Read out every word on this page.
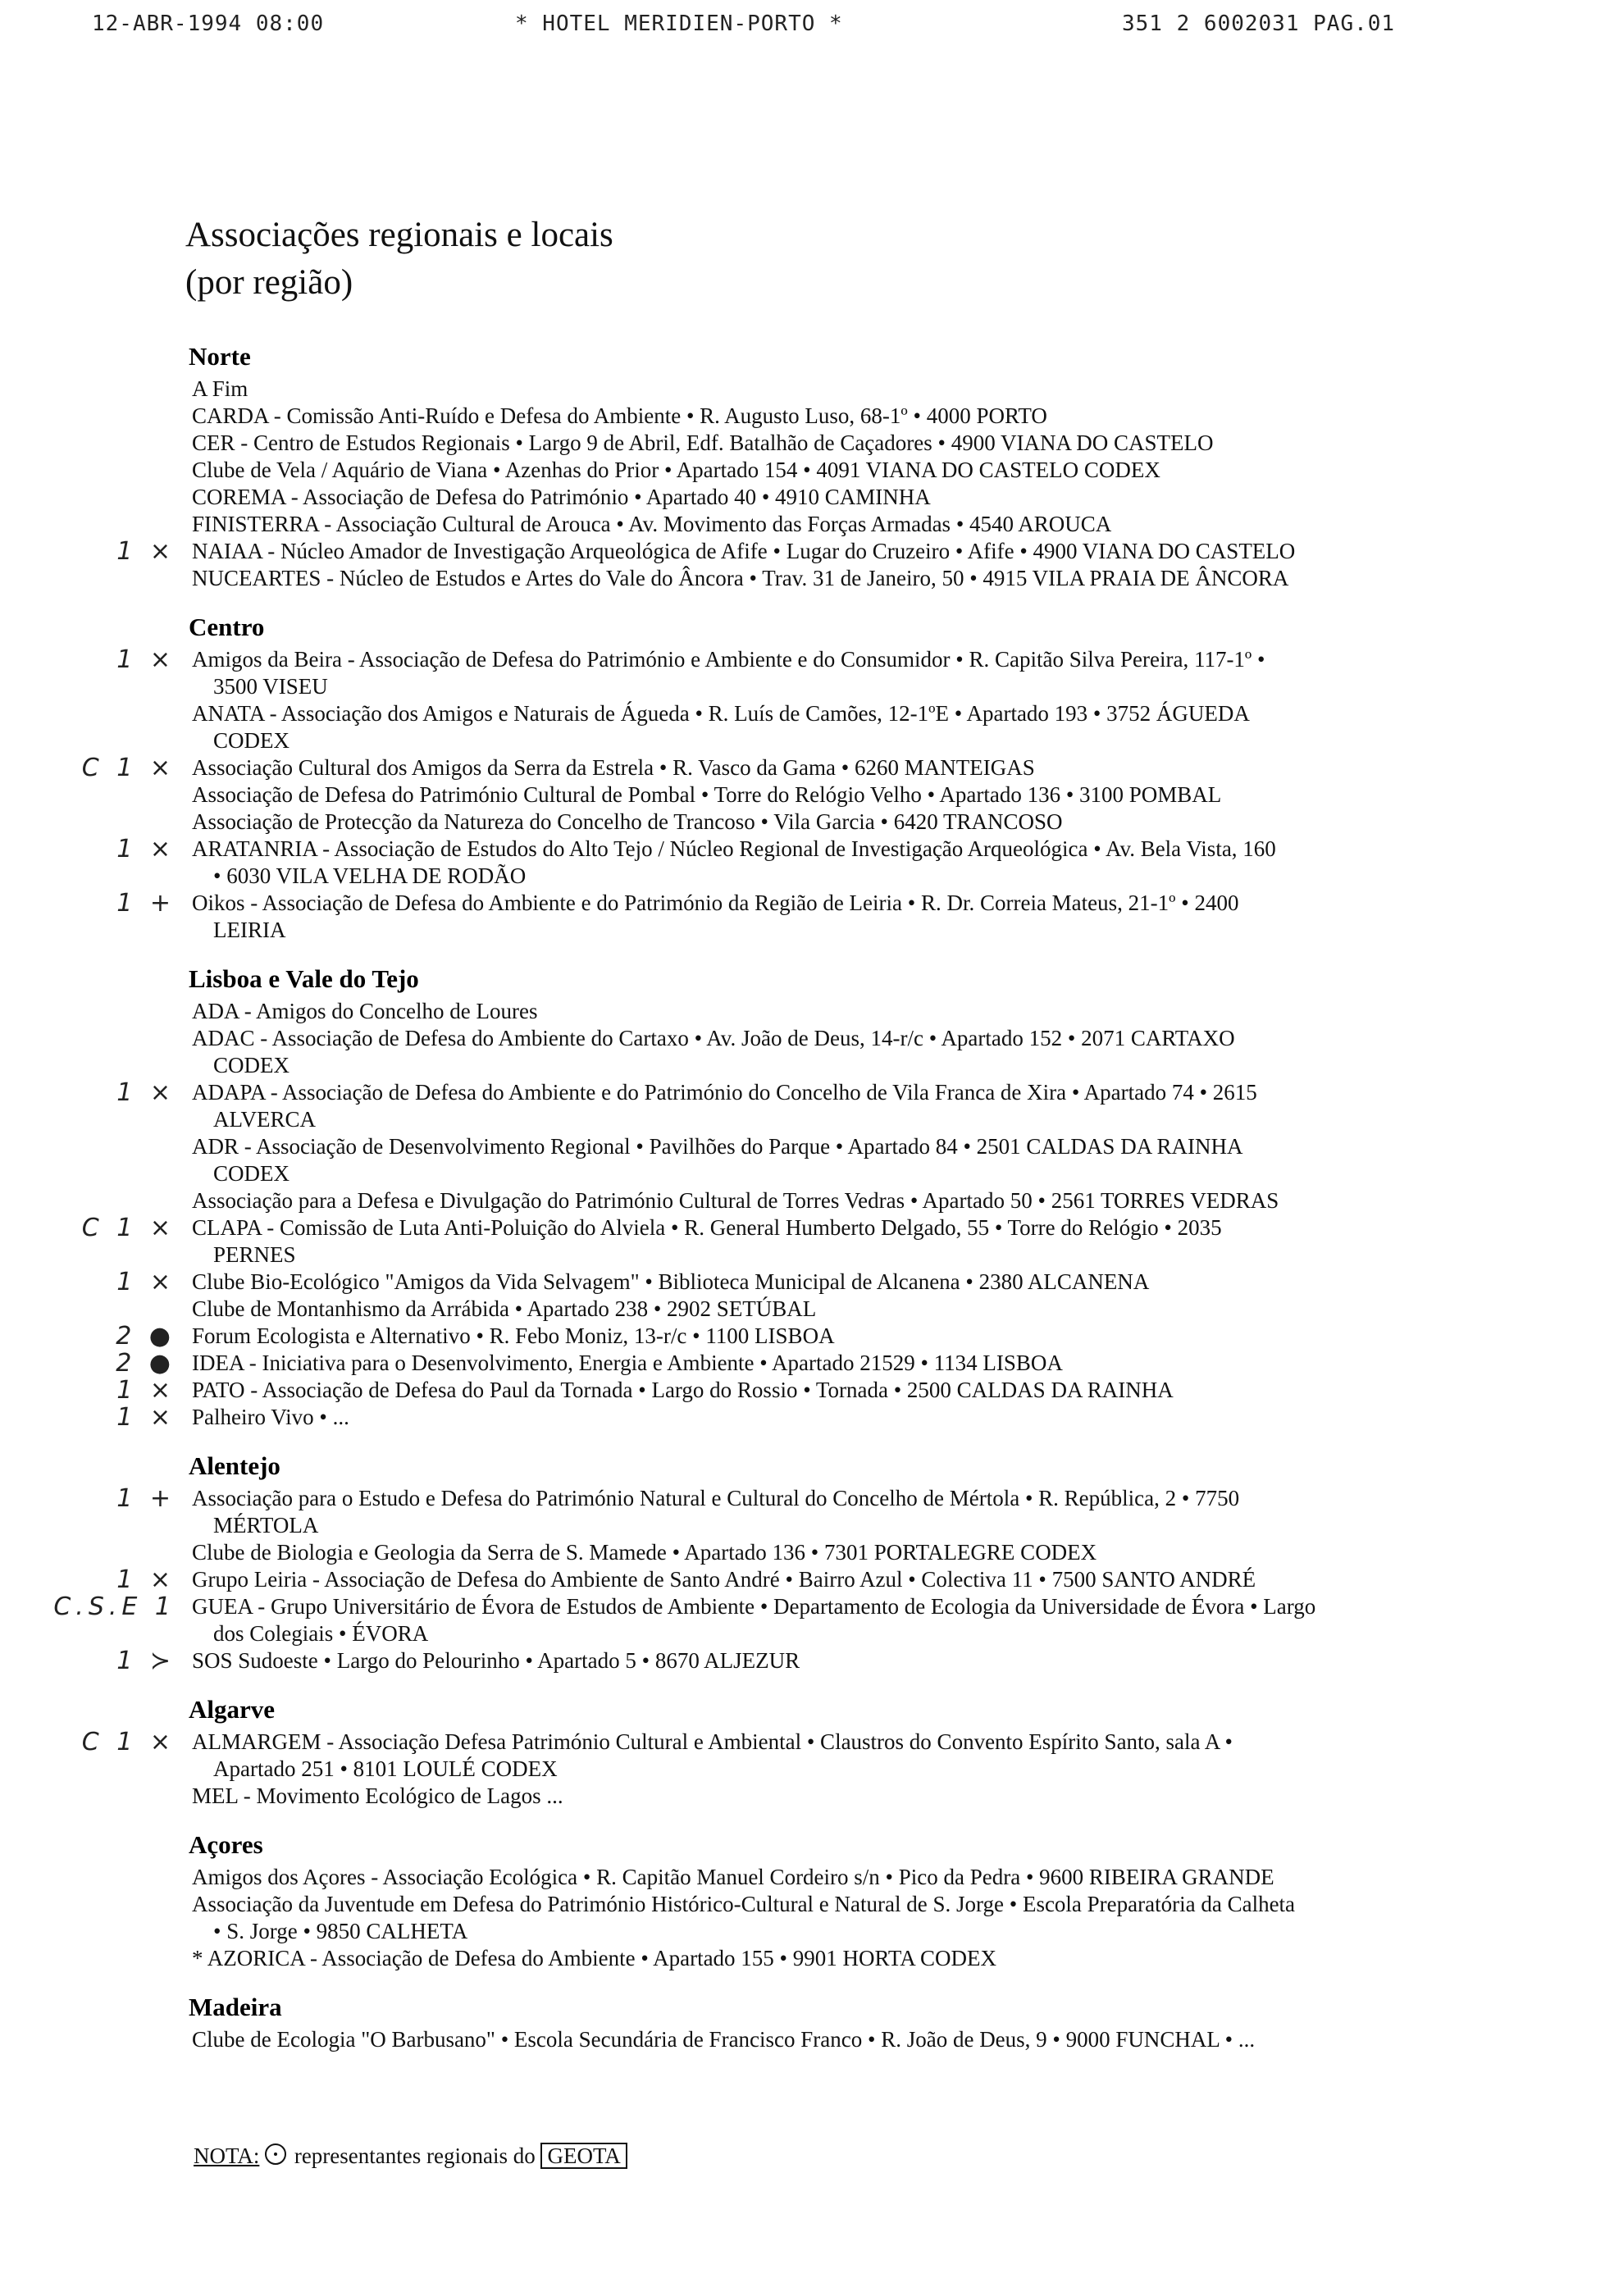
12-ABR-1994 08:00	* HOTEL MERIDIEN-PORTO *	351 2 6002031 PAG.01
Associações regionais e locais
(por região)
Norte
A Fim
CARDA - Comissão Anti-Ruído e Defesa do Ambiente • R. Augusto Luso, 68-1º • 4000 PORTO
CER - Centro de Estudos Regionais • Largo 9 de Abril, Edf. Batalhão de Caçadores • 4900 VIANA DO CASTELO
Clube de Vela / Aquário de Viana • Azenhas do Prior • Apartado 154 • 4091 VIANA DO CASTELO CODEX
COREMA - Associação de Defesa do Património • Apartado 40 • 4910 CAMINHA
FINISTERRA - Associação Cultural de Arouca • Av. Movimento das Forças Armadas • 4540 AROUCA
1 × NAIAA - Núcleo Amador de Investigação Arqueológica de Afife • Lugar do Cruzeiro • Afife • 4900 VIANA DO CASTELO
NUCEARTES - Núcleo de Estudos e Artes do Vale do Âncora • Trav. 31 de Janeiro, 50 • 4915 VILA PRAIA DE ÂNCORA
Centro
1 × Amigos da Beira - Associação de Defesa do Património e Ambiente e do Consumidor • R. Capitão Silva Pereira, 117-1º •
3500 VISEU
ANATA - Associação dos Amigos e Naturais de Águeda • R. Luís de Camões, 12-1ºE • Apartado 193 • 3752 ÁGUEDA
CODEX
C 1 × Associação Cultural dos Amigos da Serra da Estrela • R. Vasco da Gama • 6260 MANTEIGAS
Associação de Defesa do Património Cultural de Pombal • Torre do Relógio Velho • Apartado 136 • 3100 POMBAL
Associação de Protecção da Natureza do Concelho de Trancoso • Vila Garcia • 6420 TRANCOSO
1 × ARATANRIA - Associação de Estudos do Alto Tejo / Núcleo Regional de Investigação Arqueológica • Av. Bela Vista, 160
• 6030 VILA VELHA DE RODÃO
1 + Oikos - Associação de Defesa do Ambiente e do Património da Região de Leiria • R. Dr. Correia Mateus, 21-1º • 2400
LEIRIA
Lisboa e Vale do Tejo
ADA - Amigos do Concelho de Loures
ADAC - Associação de Defesa do Ambiente do Cartaxo • Av. João de Deus, 14-r/c • Apartado 152 • 2071 CARTAXO
CODEX
1 × ADAPA - Associação de Defesa do Ambiente e do Património do Concelho de Vila Franca de Xira • Apartado 74 • 2615
ALVERCA
ADR - Associação de Desenvolvimento Regional • Pavilhões do Parque • Apartado 84 • 2501 CALDAS DA RAINHA
CODEX
Associação para a Defesa e Divulgação do Património Cultural de Torres Vedras • Apartado 50 • 2561 TORRES VEDRAS
C 1 × CLAPA - Comissão de Luta Anti-Poluição do Alviela • R. General Humberto Delgado, 55 • Torre do Relógio • 2035
PERNES
1 × Clube Bio-Ecológico "Amigos da Vida Selvagem" • Biblioteca Municipal de Alcanena • 2380 ALCANENA
Clube de Montanhismo da Arrábida • Apartado 238 • 2902 SETÚBAL
2 ● Forum Ecologista e Alternativo • R. Febo Moniz, 13-r/c • 1100 LISBOA
2 ● IDEA - Iniciativa para o Desenvolvimento, Energia e Ambiente • Apartado 21529 • 1134 LISBOA
1 × PATO - Associação de Defesa do Paul da Tornada • Largo do Rossio • Tornada • 2500 CALDAS DA RAINHA
1 × Palheiro Vivo • ...
Alentejo
1 + Associação para o Estudo e Defesa do Património Natural e Cultural do Concelho de Mértola • R. República, 2 • 7750
MÉRTOLA
Clube de Biologia e Geologia da Serra de S. Mamede • Apartado 136 • 7301 PORTALEGRE CODEX
1 × Grupo Leiria - Associação de Defesa do Ambiente de Santo André • Bairro Azul • Colectiva 11 • 7500 SANTO ANDRÉ
C.S.E 1 GUEA - Grupo Universitário de Évora de Estudos de Ambiente • Departamento de Ecologia da Universidade de Évora • Largo
dos Colegiais • ÉVORA
1 ≻ SOS Sudoeste • Largo do Pelourinho • Apartado 5 • 8670 ALJEZUR
Algarve
C 1 × ALMARGEM - Associação Defesa Património Cultural e Ambiental • Claustros do Convento Espírito Santo, sala A •
Apartado 251 • 8101 LOULÉ CODEX
MEL - Movimento Ecológico de Lagos ...
Açores
Amigos dos Açores - Associação Ecológica • R. Capitão Manuel Cordeiro s/n • Pico da Pedra • 9600 RIBEIRA GRANDE
Associação da Juventude em Defesa do Património Histórico-Cultural e Natural de S. Jorge • Escola Preparatória da Calheta
• S. Jorge • 9850 CALHETA
* AZORICA - Associação de Defesa do Ambiente • Apartado 155 • 9901 HORTA CODEX
Madeira
Clube de Ecologia "O Barbusano" • Escola Secundária de Francisco Franco • R. João de Deus, 9 • 9000 FUNCHAL • ...
NOTA: ○ representantes regionais do GEOTA
